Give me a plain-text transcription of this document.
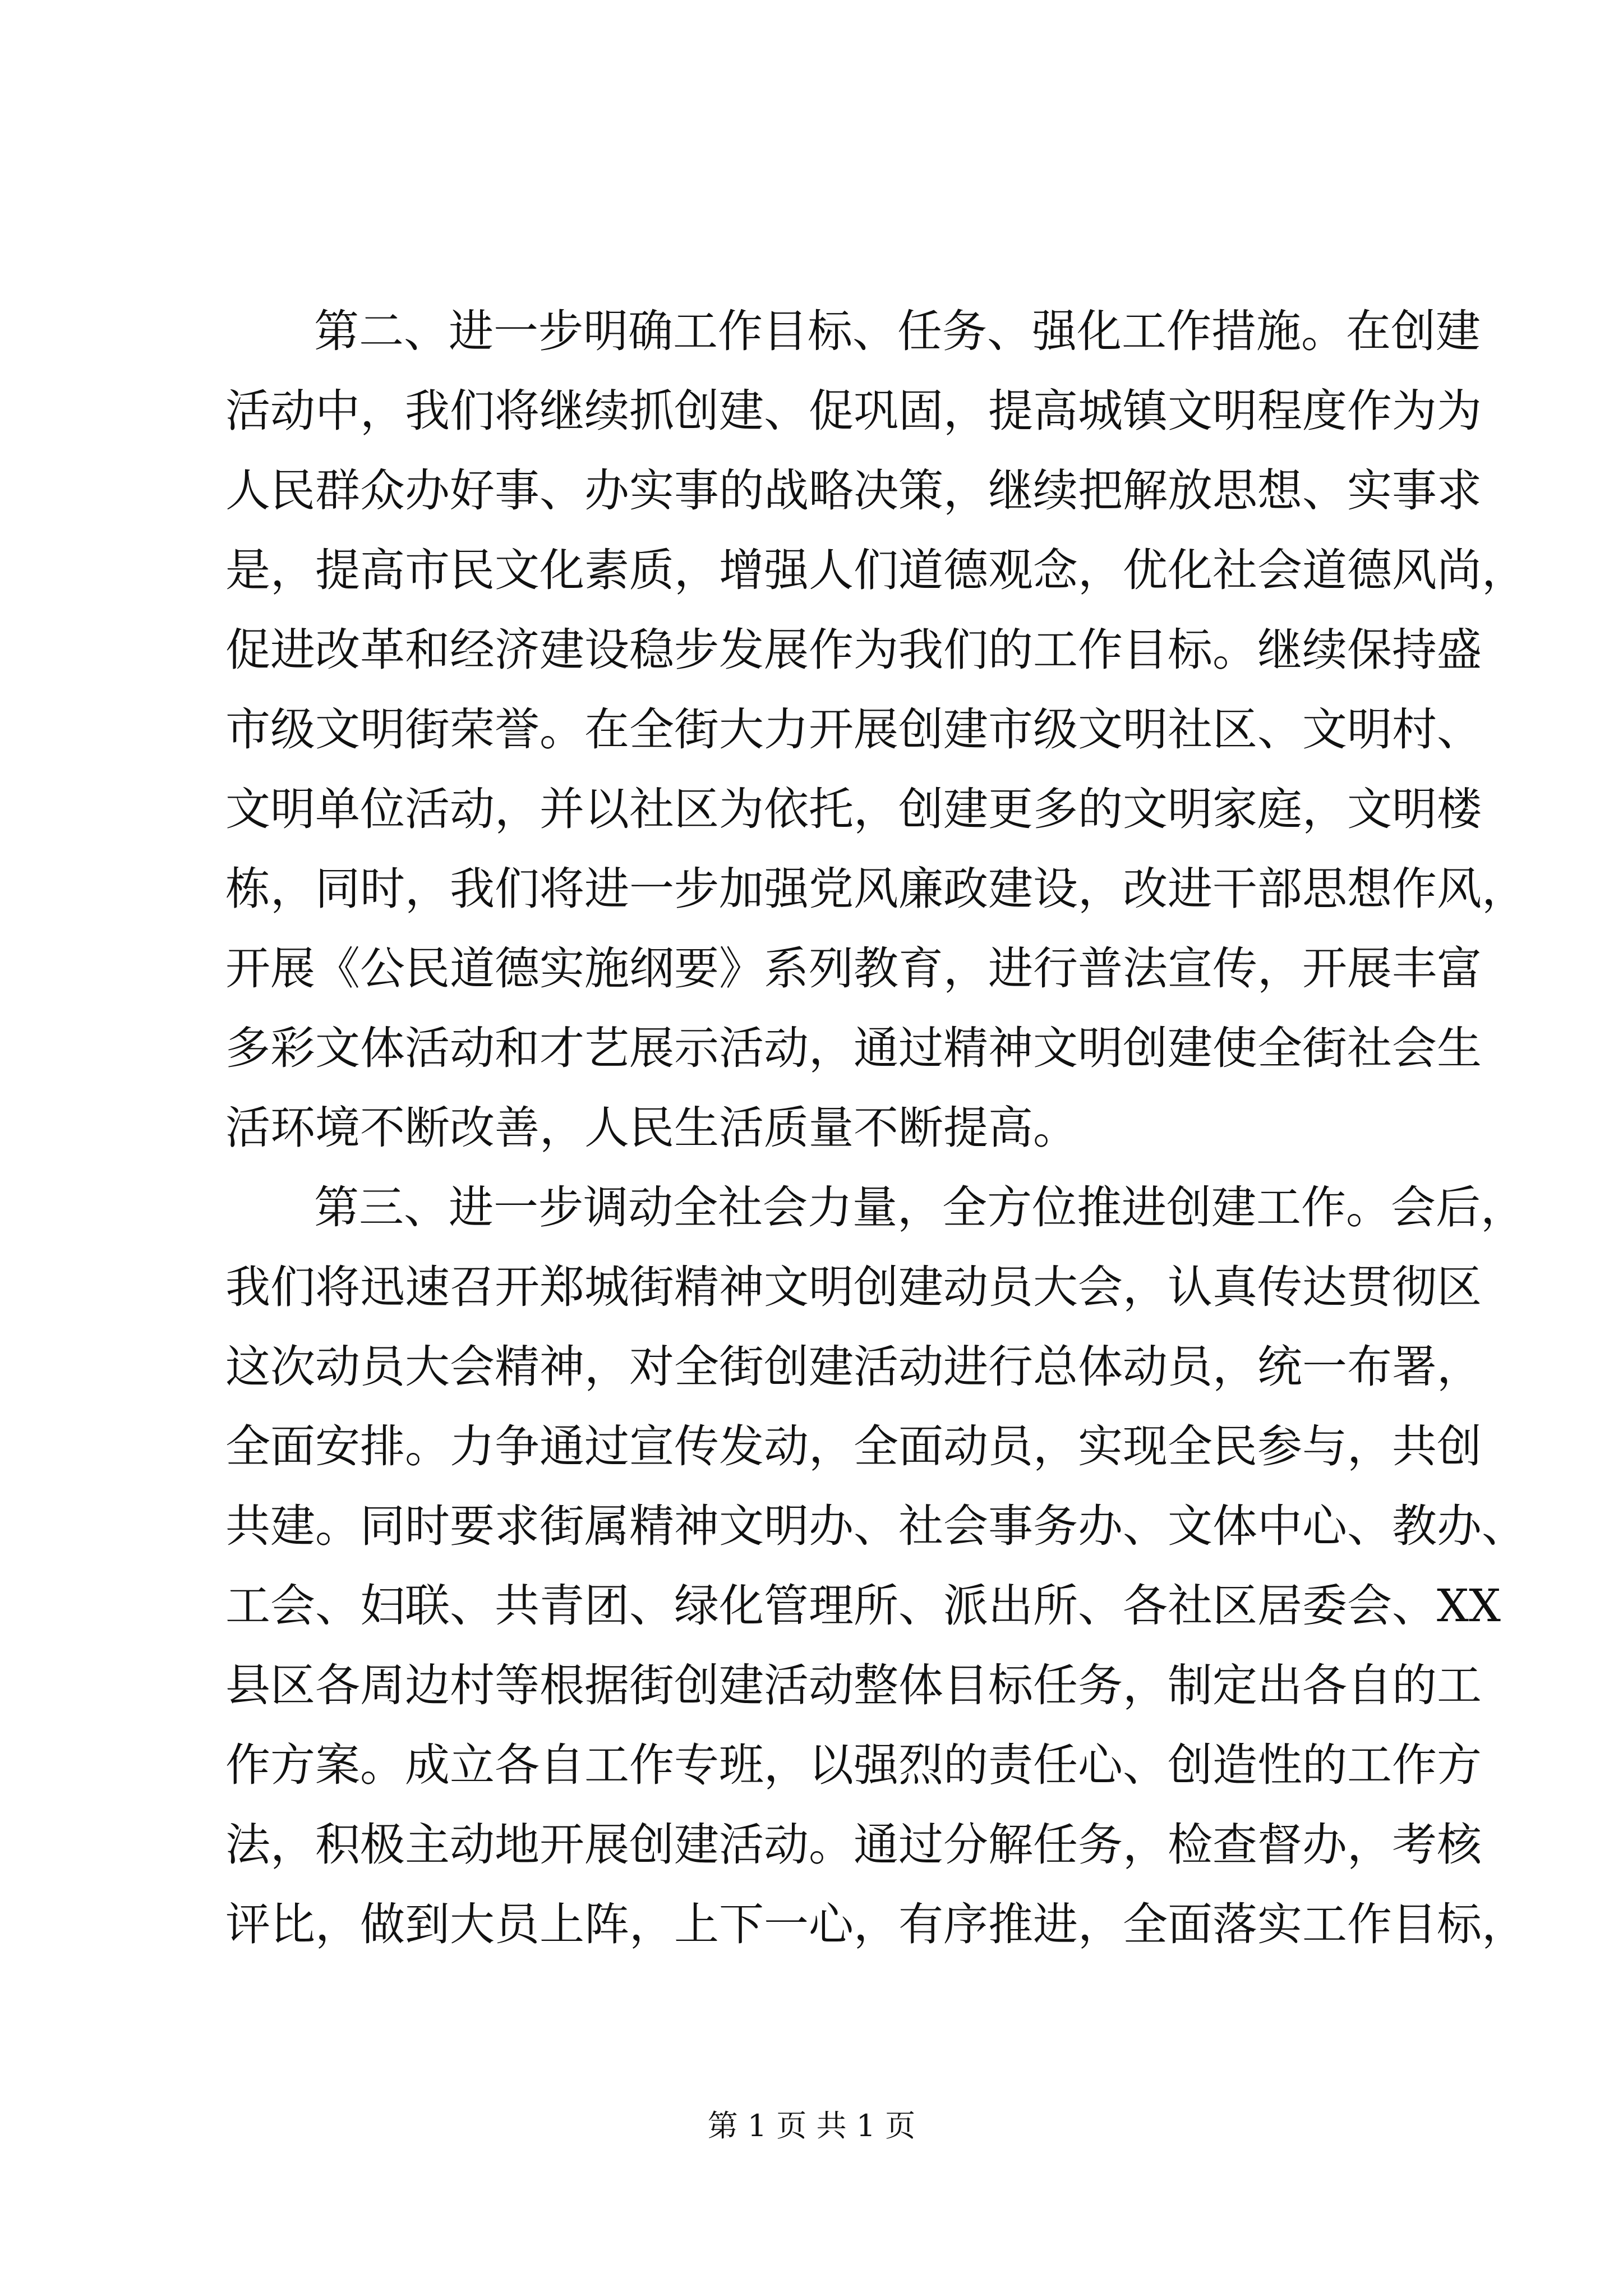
第二、进一步明确工作目标、任务、强化工作措施。在创建
活动中，我们将继续抓创建、促巩固，提高城镇文明程度作为为
人民群众办好事、办实事的战略决策，继续把解放思想、实事求
是，提高市民文化素质，增强人们道德观念，优化社会道德风尚，
促进改革和经济建设稳步发展作为我们的工作目标。继续保持盛
市级文明街荣誉。在全街大力开展创建市级文明社区、文明村、
文明单位活动，并以社区为依托，创建更多的文明家庭，文明楼
栋，同时，我们将进一步加强党风廉政建设，改进干部思想作风，
开展《公民道德实施纲要》系列教育，进行普法宣传，开展丰富
多彩文体活动和才艺展示活动，通过精神文明创建使全街社会生
活环境不断改善，人民生活质量不断提高。
第三、进一步调动全社会力量，全方位推进创建工作。会后，
我们将迅速召开郑城街精神文明创建动员大会，认真传达贯彻区
这次动员大会精神，对全街创建活动进行总体动员，统一布署，
全面安排。力争通过宣传发动，全面动员，实现全民参与，共创
共建。同时要求街属精神文明办、社会事务办、文体中心、教办、
工会、妇联、共青团、绿化管理所、派出所、各社区居委会、XX
县区各周边村等根据街创建活动整体目标任务，制定出各自的工
作方案。成立各自工作专班，以强烈的责任心、创造性的工作方
法，积极主动地开展创建活动。通过分解任务，检查督办，考核
评比，做到大员上阵，上下一心，有序推进，全面落实工作目标，
第 1 页 共 1 页
